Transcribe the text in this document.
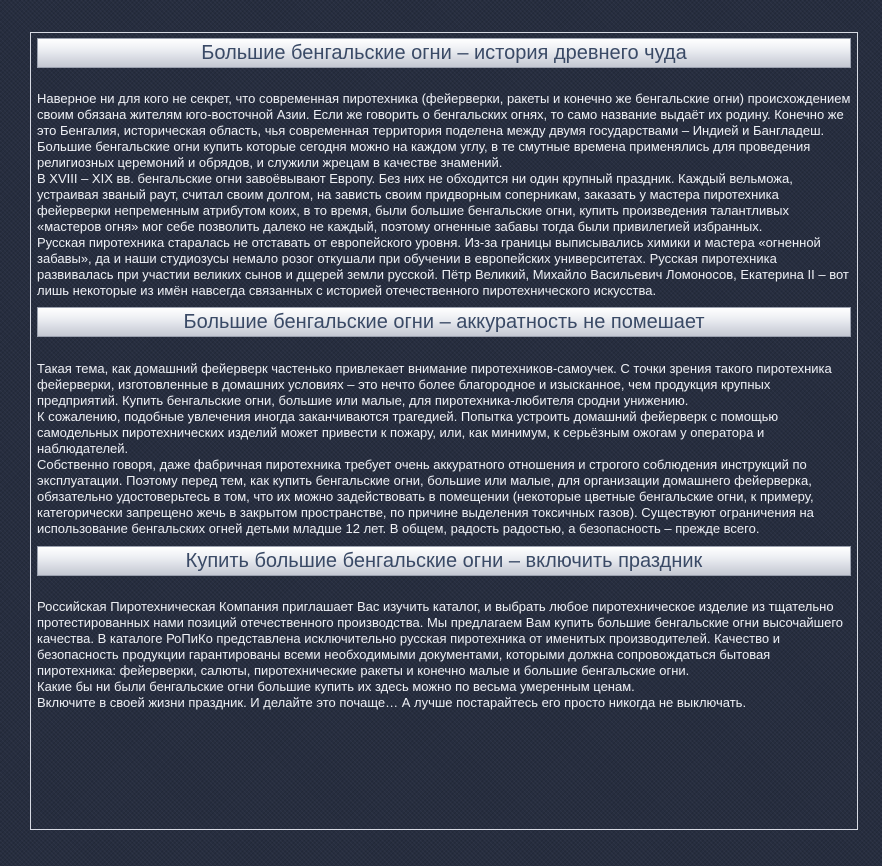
Большие бенгальские огни – история древнего чуда

Наверное ни для кого не секрет, что современная пиротехника (фейерверки, ракеты и конечно же бенгальские огни) происхождением своим обязана жителям юго-восточной Азии. Если же говорить о бенгальских огнях, то само название выдаёт их родину. Конечно же это Бенгалия, историческая область, чья современная территория поделена между двумя государствами – Индией и Бангладеш. Большие бенгальские огни купить которые сегодня можно на каждом углу, в те смутные времена применялись для проведения религиозных церемоний и обрядов, и служили жрецам в качестве знамений.

В XVIII – XIX вв. бенгальские огни завоёвывают Европу. Без них не обходится ни один крупный праздник. Каждый вельможа, устраивая званый раут, считал своим долгом, на зависть своим придворным соперникам, заказать у мастера пиротехника фейерверки непременным атрибутом коих, в то время, были большие бенгальские огни, купить произведения талантливых «мастеров огня» мог себе позволить далеко не каждый, поэтому огненные забавы тогда были привилегией избранных.

Русская пиротехника старалась не отставать от европейского уровня. Из-за границы выписывались химики и мастера «огненной забавы», да и наши студиозусы немало розог откушали при обучении в европейских университетах. Русская пиротехника развивалась при участии великих сынов и дщерей земли русской. Пётр Великий, Михайло Васильевич Ломоносов, Екатерина II – вот лишь некоторые из имён навсегда связанных с историей отечественного пиротехнического искусства.

Большие бенгальские огни – аккуратность не помешает

Такая тема, как домашний фейерверк частенько привлекает внимание пиротехников-самоучек. С точки зрения такого пиротехника фейерверки, изготовленные в домашних условиях – это нечто более благородное и изысканное, чем продукция крупных предприятий. Купить бенгальские огни, большие или малые, для пиротехника-любителя сродни унижению.

К сожалению, подобные увлечения иногда заканчиваются трагедией. Попытка устроить домашний фейерверк с помощью самодельных пиротехнических изделий может привести к пожару, или, как минимум, к серьёзным ожогам у оператора и наблюдателей.

Собственно говоря, даже фабричная пиротехника требует очень аккуратного отношения и строгого соблюдения инструкций по эксплуатации. Поэтому перед тем, как купить бенгальские огни, большие или малые, для организации домашнего фейерверка, обязательно удостоверьтесь в том, что их можно задействовать в помещении (некоторые цветные бенгальские огни, к примеру, категорически запрещено жечь в закрытом пространстве, по причине выделения токсичных газов). Существуют ограничения на использование бенгальских огней детьми младше 12 лет. В общем, радость радостью, а безопасность – прежде всего.

Купить большие бенгальские огни – включить праздник

Российская Пиротехническая Компания приглашает Вас изучить каталог, и выбрать любое пиротехническое изделие из тщательно протестированных нами позиций отечественного производства. Мы предлагаем Вам купить большие бенгальские огни высочайшего качества. В каталоге РоПиКо представлена исключительно русская пиротехника от именитых производителей. Качество и безопасность продукции гарантированы всеми необходимыми документами, которыми должна сопровождаться бытовая пиротехника: фейерверки, салюты, пиротехнические ракеты и конечно малые и большие бенгальские огни.

Какие бы ни были бенгальские огни большие купить их здесь можно по весьма умеренным ценам.

Включите в своей жизни праздник. И делайте это почаще… А лучше постарайтесь его просто никогда не выключать.
